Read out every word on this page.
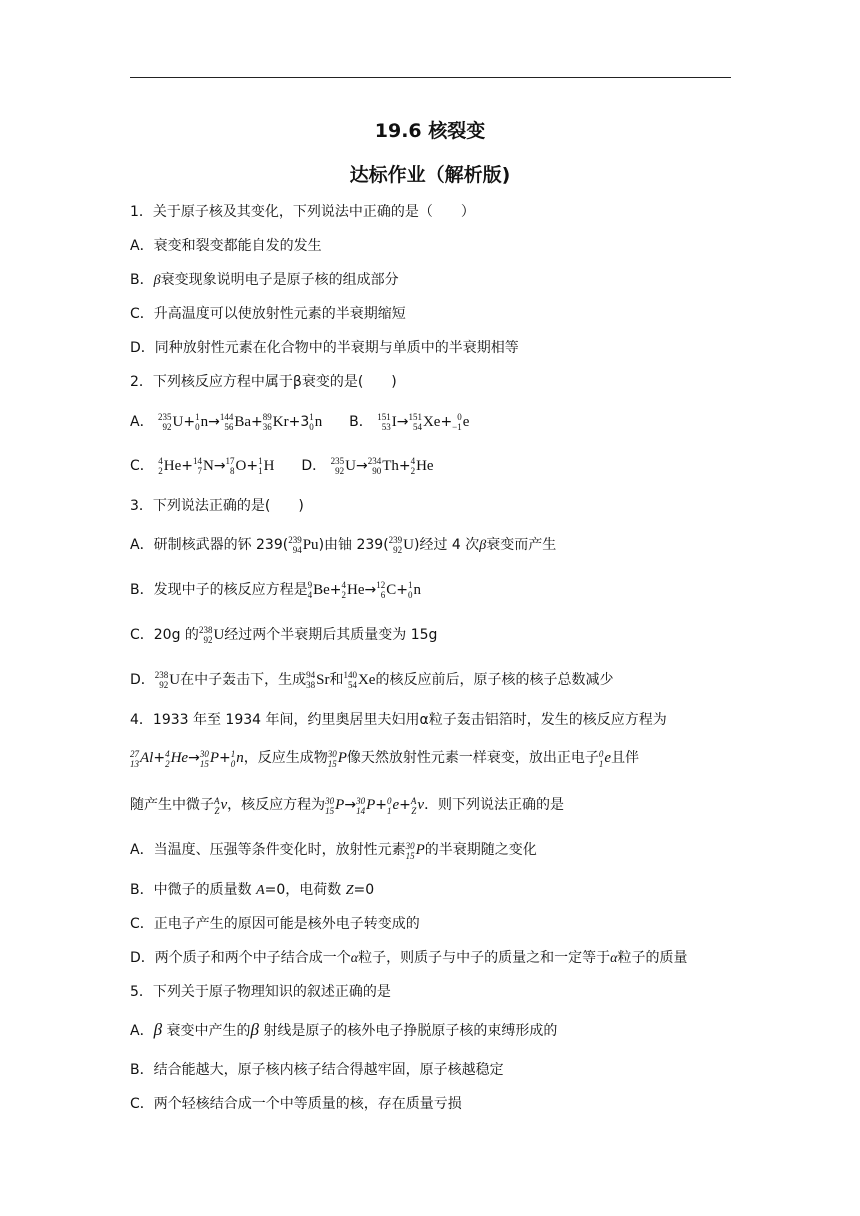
19.6 核裂变
达标作业（解析版)
1．关于原子核及其变化，下列说法中正确的是（　　）
A．衰变和裂变都能自发的发生
B．β衰变现象说明电子是原子核的组成部分
C．升高温度可以使放射性元素的半衰期缩短
D．同种放射性元素在化合物中的半衰期与单质中的半衰期相等
2．下列核反应方程中属于β衰变的是(　　)
A． 235
92 U+ 1
0 n→ 144
56 Ba+ 89
36 Kr+3 1
0 n B． 151
53 I→ 151
54 Xe+ 0
−1 e
C． 4
2 He+ 14
7 N→ 17
8 O+ 1
1 H D． 235
92 U→ 234
90 Th+ 4
2 He
3．下列说法正确的是(　　)
A．研制核武器的钚 239( 239
94 Pu)由铀 239( 239
92 U)经过 4 次β衰变而产生
B．发现中子的核反应方程是 9
4 Be+ 4
2 He→ 12
6 C+ 1
0 n
C．20g 的 238
92 U经过两个半衰期后其质量变为 15g
D． 238
92 U在中子轰击下，生成 94
38 Sr和 140
54 Xe的核反应前后，原子核的核子总数减少
4．1933 年至 1934 年间，约里奥居里夫妇用α粒子轰击铝箔时，发生的核反应方程为
27
13 Al+ 4
2 He→ 30
15 P+ 1
0 n，反应生成物 30
15 P像天然放射性元素一样衰变，放出正电子 0
1 e且伴
随产生中微子 A
Z ν，核反应方程为 30
15 P→ 30
14 P+ 0
1 e+ A
Z ν．则下列说法正确的是
A．当温度、压强等条件变化时，放射性元素 30
15 P的半衰期随之变化
B．中微子的质量数 A=0，电荷数 Z=0
C．正电子产生的原因可能是核外电子转变成的
D．两个质子和两个中子结合成一个α粒子，则质子与中子的质量之和一定等于α粒子的质量
5．下列关于原子物理知识的叙述正确的是
A．β 衰变中产生的β 射线是原子的核外电子挣脱原子核的束缚形成的
B．结合能越大，原子核内核子结合得越牢固，原子核越稳定
C．两个轻核结合成一个中等质量的核，存在质量亏损
